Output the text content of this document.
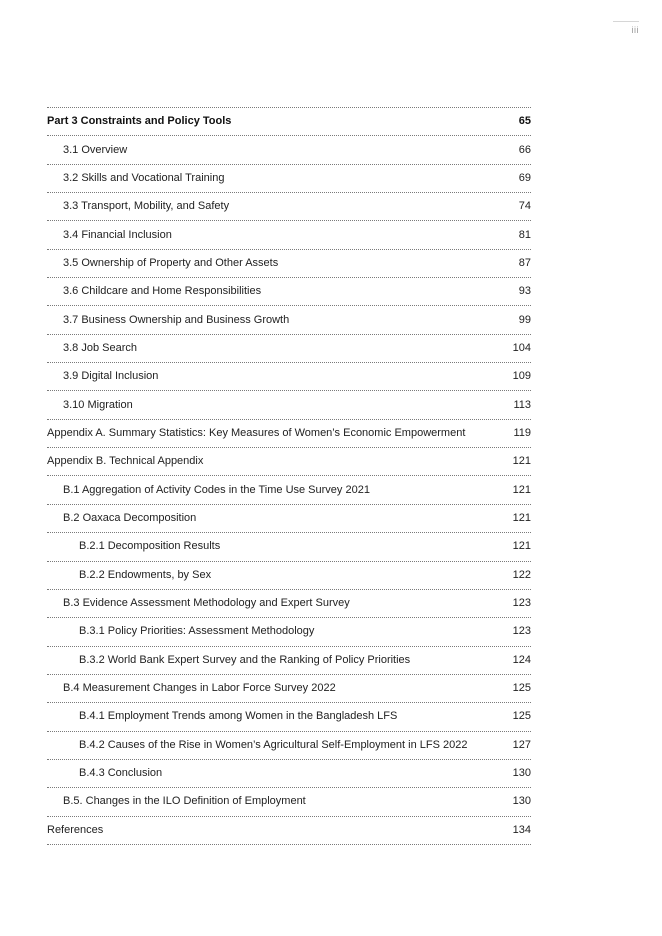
iii
Part 3 Constraints and Policy Tools	65
3.1 Overview	66
3.2 Skills and Vocational Training	69
3.3 Transport, Mobility, and Safety	74
3.4 Financial Inclusion	81
3.5 Ownership of Property and Other Assets	87
3.6 Childcare and Home Responsibilities	93
3.7 Business Ownership and Business Growth	99
3.8 Job Search	104
3.9 Digital Inclusion	109
3.10 Migration	113
Appendix A. Summary Statistics: Key Measures of Women’s Economic Empowerment	119
Appendix B. Technical Appendix	121
B.1 Aggregation of Activity Codes in the Time Use Survey 2021	121
B.2 Oaxaca Decomposition	121
B.2.1 Decomposition Results	121
B.2.2 Endowments, by Sex	122
B.3 Evidence Assessment Methodology and Expert Survey	123
B.3.1 Policy Priorities: Assessment Methodology	123
B.3.2 World Bank Expert Survey and the Ranking of Policy Priorities	124
B.4 Measurement Changes in Labor Force Survey 2022	125
B.4.1 Employment Trends among Women in the Bangladesh LFS	125
B.4.2 Causes of the Rise in Women’s Agricultural Self-Employment in LFS 2022	127
B.4.3 Conclusion	130
B.5. Changes in the ILO Definition of Employment	130
References	134
